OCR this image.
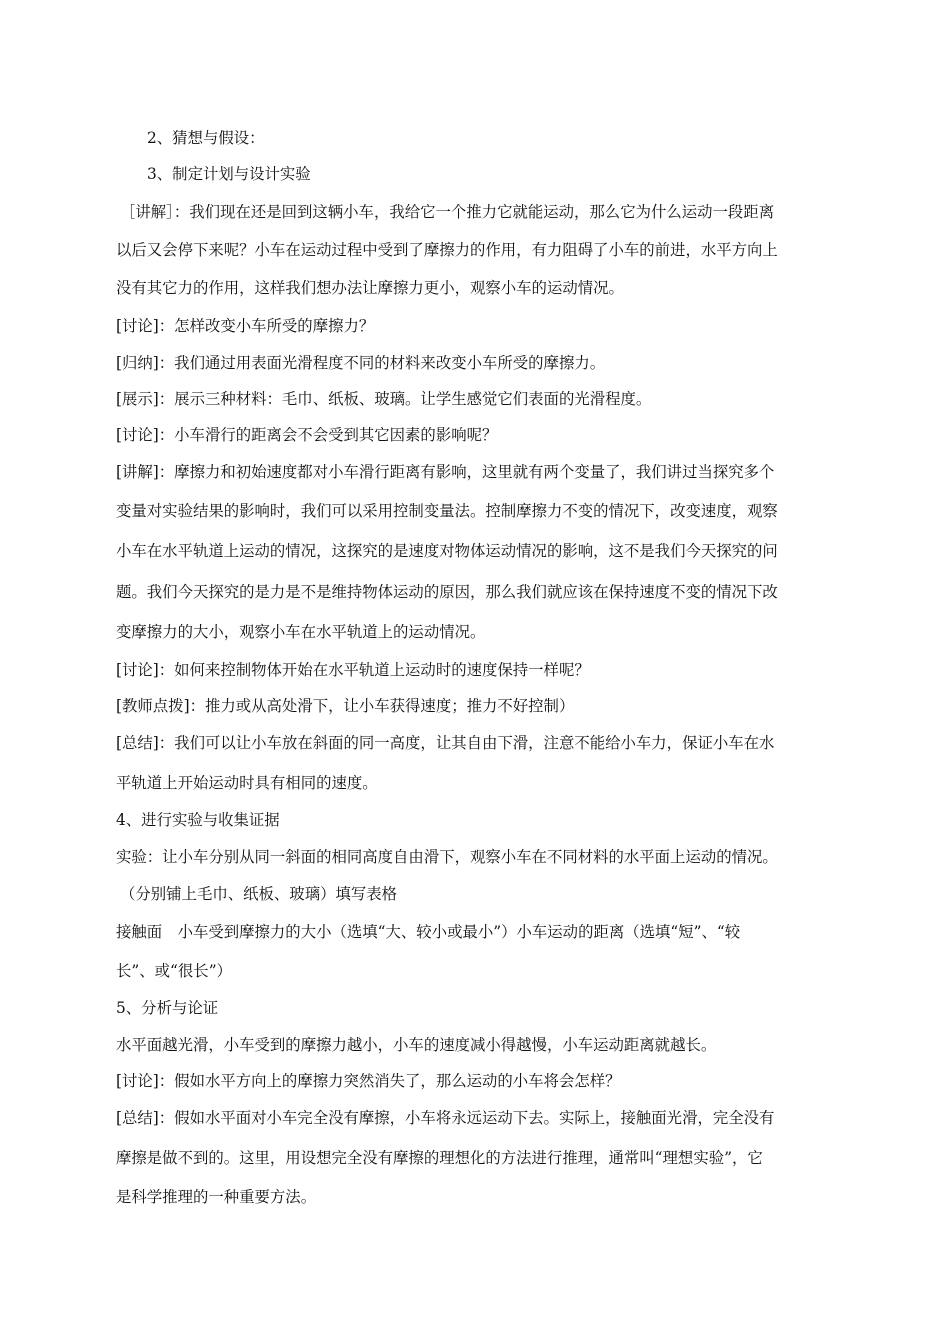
2、猜想与假设：
3、制定计划与设计实验
［讲解］：我们现在还是回到这辆小车，我给它一个推力它就能运动，那么它为什么运动一段距离
以后又会停下来呢？小车在运动过程中受到了摩擦力的作用，有力阻碍了小车的前进，水平方向上
没有其它力的作用，这样我们想办法让摩擦力更小，观察小车的运动情况。
[讨论]：怎样改变小车所受的摩擦力？
[归纳]：我们通过用表面光滑程度不同的材料来改变小车所受的摩擦力。
[展示]：展示三种材料：毛巾、纸板、玻璃。让学生感觉它们表面的光滑程度。
[讨论]：小车滑行的距离会不会受到其它因素的影响呢？
[讲解]：摩擦力和初始速度都对小车滑行距离有影响，这里就有两个变量了，我们讲过当探究多个
变量对实验结果的影响时，我们可以采用控制变量法。控制摩擦力不变的情况下，改变速度，观察
小车在水平轨道上运动的情况，这探究的是速度对物体运动情况的影响，这不是我们今天探究的问
题。我们今天探究的是力是不是维持物体运动的原因，那么我们就应该在保持速度不变的情况下改
变摩擦力的大小，观察小车在水平轨道上的运动情况。
[讨论]：如何来控制物体开始在水平轨道上运动时的速度保持一样呢？
[教师点拨]：推力或从高处滑下，让小车获得速度；推力不好控制）
[总结]：我们可以让小车放在斜面的同一高度，让其自由下滑，注意不能给小车力，保证小车在水
平轨道上开始运动时具有相同的速度。
4、进行实验与收集证据
实验：让小车分别从同一斜面的相同高度自由滑下，观察小车在不同材料的水平面上运动的情况。
（分别铺上毛巾、纸板、玻璃）填写表格
接触面　小车受到摩擦力的大小（选填“大、较小或最小”）小车运动的距离（选填“短”、“较
长”、或“很长”）
5、分析与论证
水平面越光滑，小车受到的摩擦力越小，小车的速度减小得越慢，小车运动距离就越长。
[讨论]：假如水平方向上的摩擦力突然消失了，那么运动的小车将会怎样？
[总结]：假如水平面对小车完全没有摩擦，小车将永远运动下去。实际上，接触面光滑，完全没有
摩擦是做不到的。这里，用设想完全没有摩擦的理想化的方法进行推理，通常叫“理想实验”，它
是科学推理的一种重要方法。
